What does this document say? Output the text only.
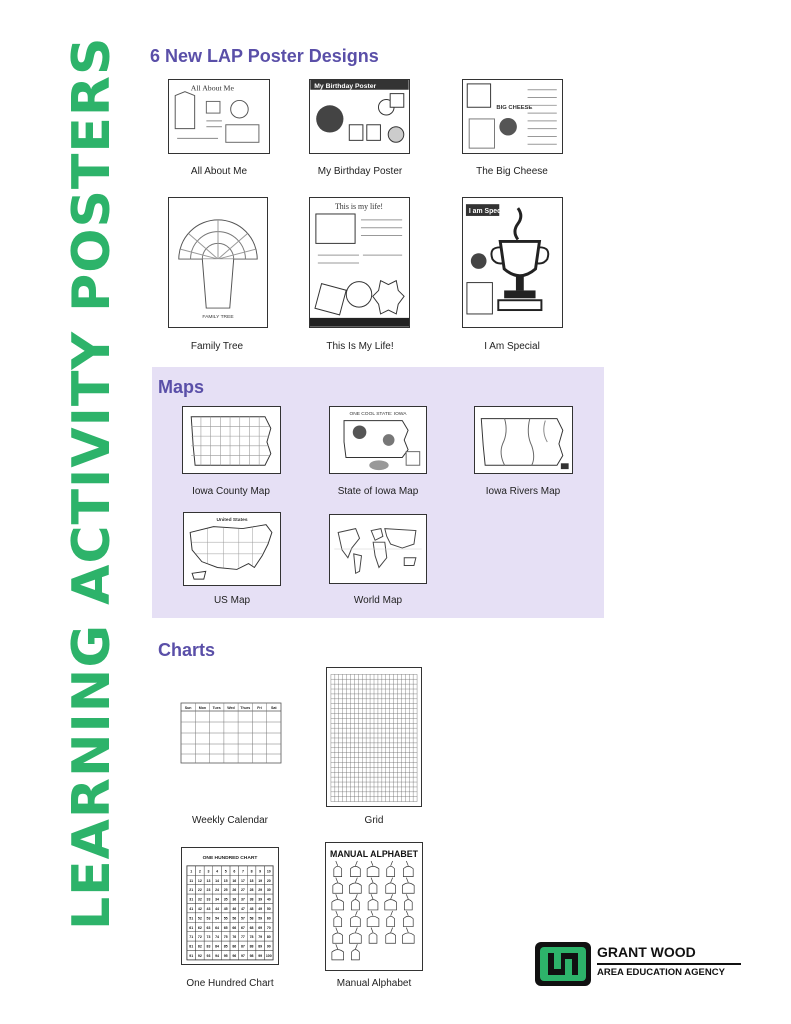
LEARNING ACTIVITY POSTERS 6 New LAP Poster Designs
All About Me
All About Me
My Birthday Poster
My Birthday Poster
BIG CHEESE
The Big Cheese
FAMILY TREE
Family Tree
This is my life!
This Is My Life!
I am Special
I Am Special
Maps
Iowa County Map
ONE COOL STATE: IOWA
State of Iowa Map	Iowa Rivers Map
United States
US Map	World Map
Charts
Sun Mon Tues Wed Thurs Fri	Sat
Weekly Calendar	Grid
ONE HUNDRED CHART
1 2 3 4 5 6 7 8 9 10
11 12 13 14 15 16 17 18 19 20
21 22 23 24 25 26 27 28 29 30
31 32 33 34 35 36 37 38 39 40
41 42 43 44 45 46 47 48 49 50
51 52 53 54 55 56 57 58 59 60
61 62 63 64 65 66 67 68 69 70
71 72 73 74 75 76 77 78 79 80
81 82 83 84 85 86 87 88 89 90
91 92 93 94 95 96 97 98 99 100
One Hundred Chart
MANUAL ALPHABET
Manual Alphabet
GRANT WOOD
AREA EDUCATION AGENCY
